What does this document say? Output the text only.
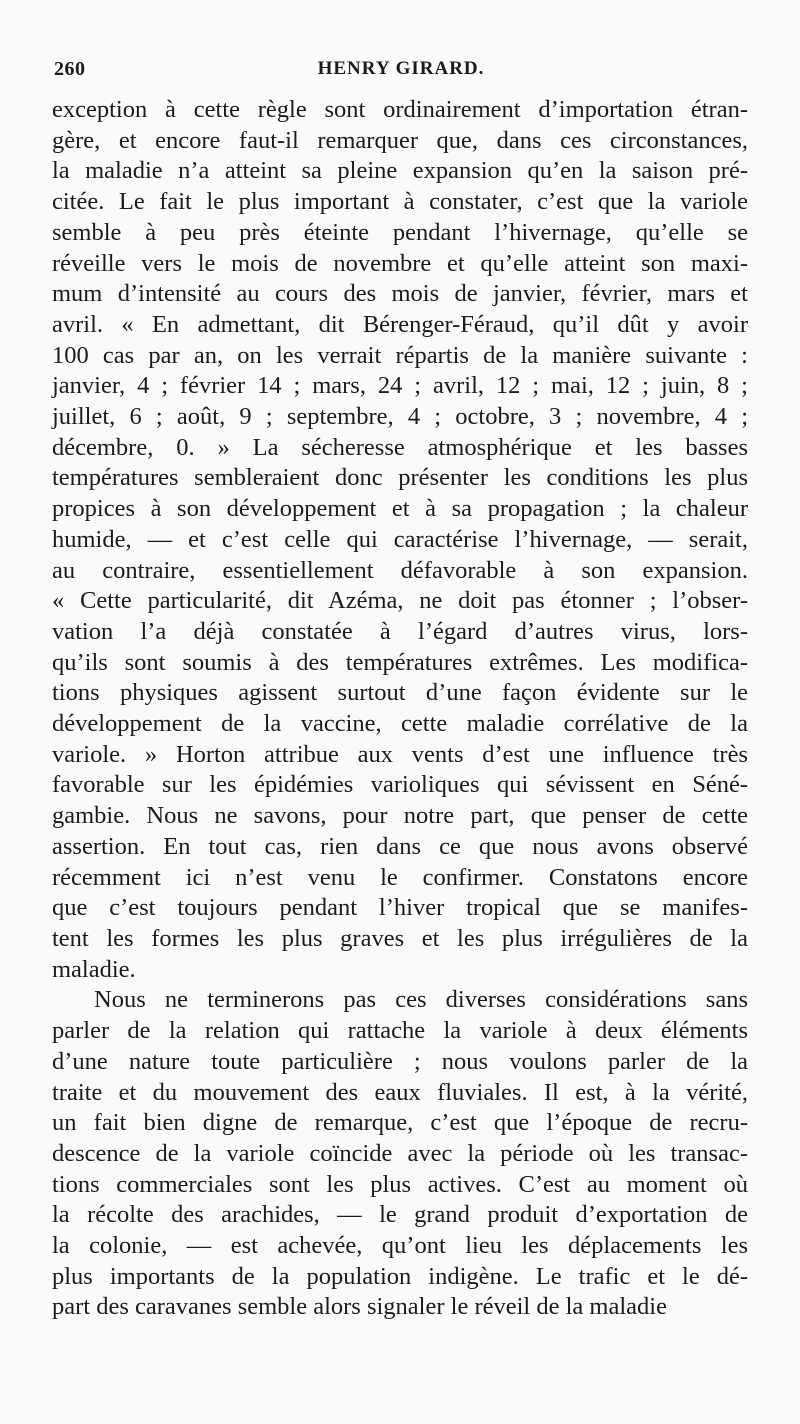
260	HENRY GIRARD.
exception à cette règle sont ordinairement d’importation étran-
gère, et encore faut-il remarquer que, dans ces circonstances,
la maladie n’a atteint sa pleine expansion qu’en la saison pré-
citée. Le fait le plus important à constater, c’est que la variole
semble à peu près éteinte pendant l’hivernage, qu’elle se
réveille vers le mois de novembre et qu’elle atteint son maxi-
mum d’intensité au cours des mois de janvier, février, mars et
avril. « En admettant, dit Bérenger-Féraud, qu’il dût y avoir
100 cas par an, on les verrait répartis de la manière suivante :
janvier, 4 ; février 14 ; mars, 24 ; avril, 12 ; mai, 12 ; juin, 8 ;
juillet, 6 ; août, 9 ; septembre, 4 ; octobre, 3 ; novembre, 4 ;
décembre, 0. » La sécheresse atmosphérique et les basses
températures sembleraient donc présenter les conditions les plus
propices à son développement et à sa propagation ; la chaleur
humide, — et c’est celle qui caractérise l’hivernage, — serait,
au contraire, essentiellement défavorable à son expansion.
« Cette particularité, dit Azéma, ne doit pas étonner ; l’obser-
vation l’a déjà constatée à l’égard d’autres virus, lors-
qu’ils sont soumis à des températures extrêmes. Les modifica-
tions physiques agissent surtout d’une façon évidente sur le
développement de la vaccine, cette maladie corrélative de la
variole. » Horton attribue aux vents d’est une influence très
favorable sur les épidémies varioliques qui sévissent en Séné-
gambie. Nous ne savons, pour notre part, que penser de cette
assertion. En tout cas, rien dans ce que nous avons observé
récemment ici n’est venu le confirmer. Constatons encore
que c’est toujours pendant l’hiver tropical que se manifes-
tent les formes les plus graves et les plus irrégulières de la
maladie.
Nous ne terminerons pas ces diverses considérations sans
parler de la relation qui rattache la variole à deux éléments
d’une nature toute particulière ; nous voulons parler de la
traite et du mouvement des eaux fluviales. Il est, à la vérité,
un fait bien digne de remarque, c’est que l’époque de recru-
descence de la variole coïncide avec la période où les transac-
tions commerciales sont les plus actives. C’est au moment où
la récolte des arachides, — le grand produit d’exportation de
la colonie, — est achevée, qu’ont lieu les déplacements les
plus importants de la population indigène. Le trafic et le dé-
part des caravanes semble alors signaler le réveil de la maladie
